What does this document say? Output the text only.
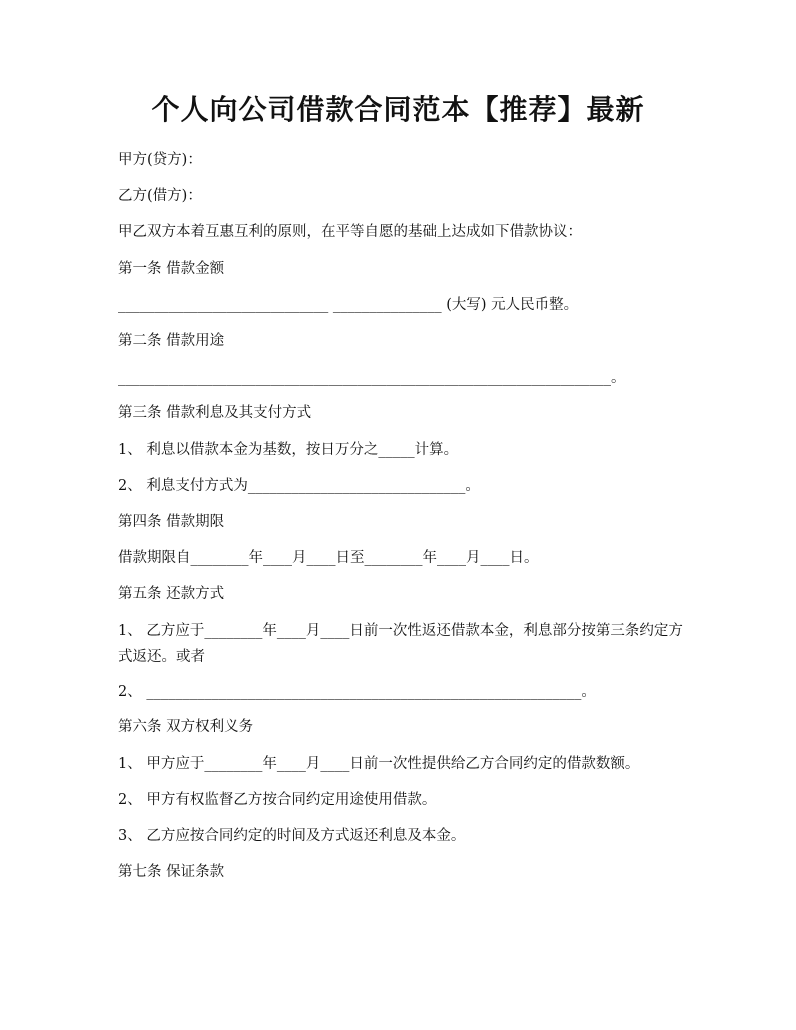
个人向公司借款合同范本【推荐】最新

甲方(贷方)：

乙方(借方)：

甲乙双方本着互惠互利的原则，在平等自愿的基础上达成如下借款协议：

第一条 借款金额

_____________________________ _______________ (大写) 元人民币整。

第二条 借款用途

____________________________________________________________________。

第三条 借款利息及其支付方式

1、 利息以借款本金为基数，按日万分之_____计算。

2、 利息支付方式为______________________________。

第四条 借款期限

借款期限自________年____月____日至________年____月____日。

第五条 还款方式

1、 乙方应于________年____月____日前一次性返还借款本金，利息部分按第三条约定方式返还。或者

2、 ____________________________________________________________。

第六条 双方权利义务

1、 甲方应于________年____月____日前一次性提供给乙方合同约定的借款数额。

2、 甲方有权监督乙方按合同约定用途使用借款。

3、 乙方应按合同约定的时间及方式返还利息及本金。

第七条 保证条款
